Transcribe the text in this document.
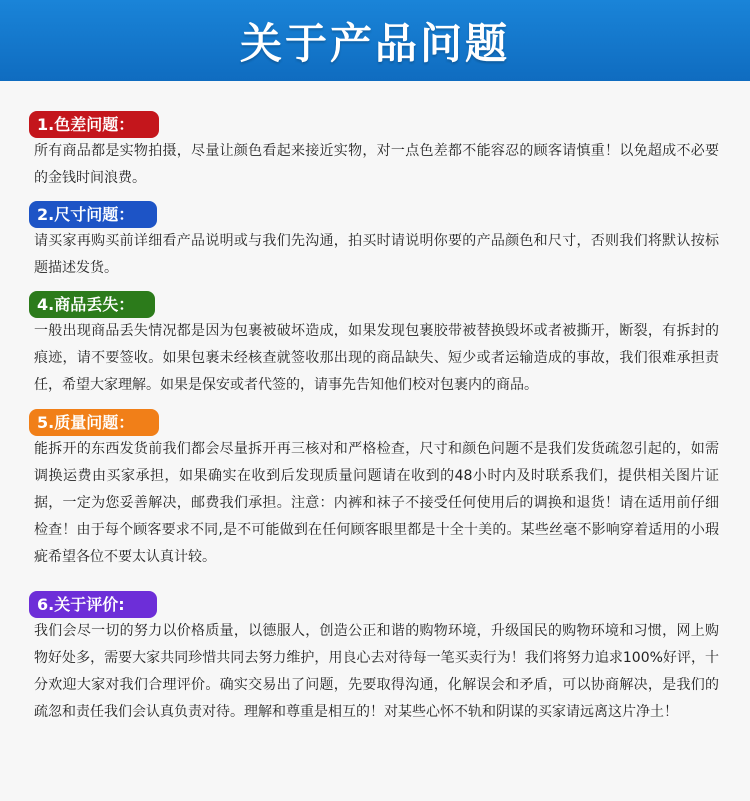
关于产品问题
1.色差问题：

所有商品都是实物拍摄，尽量让颜色看起来接近实物，对一点色差都不能容忍的顾客请慎重！以免超成不必要的金钱时间浪费。

2.尺寸问题：

请买家再购买前详细看产品说明或与我们先沟通，拍买时请说明你要的产品颜色和尺寸，否则我们将默认按标题描述发货。

4.商品丢失：

一般出现商品丢失情况都是因为包裹被破坏造成，如果发现包裹胶带被替换毁坏或者被撕开，断裂，有拆封的痕迹，请不要签收。如果包裹未经核查就签收那出现的商品缺失、短少或者运输造成的事故，我们很难承担责任，希望大家理解。如果是保安或者代签的，请事先告知他们校对包裹内的商品。

5.质量问题：

能拆开的东西发货前我们都会尽量拆开再三核对和严格检查，尺寸和颜色问题不是我们发货疏忽引起的，如需调换运费由买家承担，如果确实在收到后发现质量问题请在收到的48小时内及时联系我们，提供相关图片证据，一定为您妥善解决，邮费我们承担。注意：内裤和袜子不接受任何使用后的调换和退货！请在适用前仔细检查！由于每个顾客要求不同,是不可能做到在任何顾客眼里都是十全十美的。某些丝毫不影响穿着适用的小瑕疵希望各位不要太认真计较。

6.关于评价:

我们会尽一切的努力以价格质量，以德服人，创造公正和谐的购物环境，升级国民的购物环境和习惯，网上购物好处多，需要大家共同珍惜共同去努力维护，用良心去对待每一笔买卖行为！我们将努力追求100%好评，十分欢迎大家对我们合理评价。确实交易出了问题，先要取得沟通，化解误会和矛盾，可以协商解决，是我们的疏忽和责任我们会认真负责对待。理解和尊重是相互的！对某些心怀不轨和阴谋的买家请远离这片净土！
